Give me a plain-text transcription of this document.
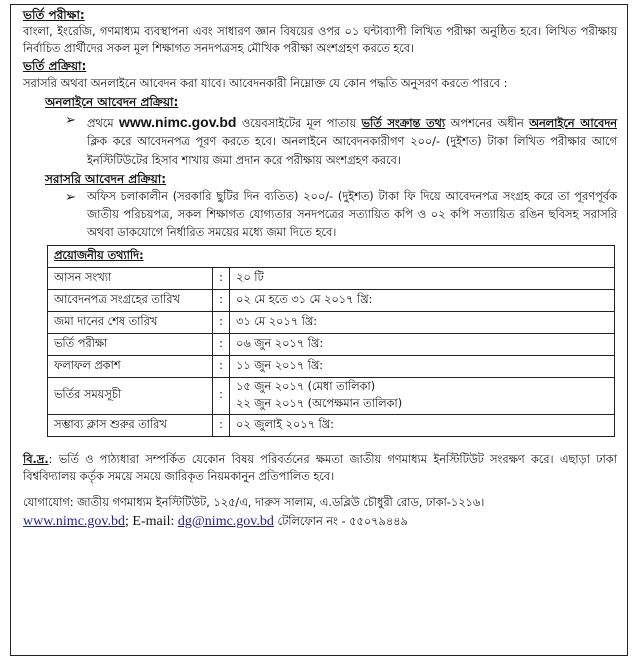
ভর্তি পরীক্ষা:
বাংলা, ইংরেজি, গণমাধ্যম ব্যবস্থাপনা এবং সাধারণ জ্ঞান বিষয়ের ওপর ০১ ঘন্টাব্যাপী লিখিত পরীক্ষা অনুষ্ঠিত হবে। লিখিত পরীক্ষায় নির্বাচিত প্রার্থীদের সকল মূল শিক্ষাগত সনদপত্রসহ মৌখিক পরীক্ষা অংশগ্রহণ করতে হবে।
ভর্তি প্রক্রিয়া:
সরাসরি অথবা অনলাইনে আবেদন করা যাবে। আবেদনকারী নিম্নোক্ত যে কোন পদ্ধতি অনুসরণ করতে পারবে :
অনলাইনে আবেদন প্রক্রিয়া:
➢ প্রথমে www.nimc.gov.bd ওয়েবসাইটের মূল পাতায় ভর্তি সংক্রান্ত তথ্য অপশনের অধীন অনলাইনে আবেদন ক্লিক করে আবেদনপত্র পূরণ করতে হবে। অনলাইনে আবেদনকারীগণ ২০০/- (দুইশত) টাকা লিখিত পরীক্ষার আগে ইনস্টিটিউটের হিসাব শাখায় জমা প্রদান করে পরীক্ষায় অংশগ্রহণ করবে।
সরাসরি আবেদন প্রক্রিয়া:
➢ অফিস চলাকালীন (সরকারি ছুটির দিন ব্যতিত) ২০০/- (দুইশত) টাকা ফি দিয়ে আবেদনপত্র সংগ্রহ করে তা পূরণপূর্বক জাতীয় পরিচয়পত্র, সকল শিক্ষাগত যোগ্যতার সনদপত্রের সত্যায়িত কপি ও ০২ কপি সত্যায়িত রঙিন ছবিসহ সরাসরি অথবা ডাকযোগে নির্ধারিত সময়ের মধ্যে জমা দিতে হবে।
প্রয়োজনীয় তথ্যাদি:		
আসন সংখ্যা	:	২০ টি
আবেদনপত্র সংগ্রহের তারিখ	:	০২ মে হতে ৩১ মে ২০১৭ খ্রি:
জমা দানের শেষ তারিখ	:	৩১ মে ২০১৭ খ্রি:
ভর্তি পরীক্ষা	:	০৬ জুন ২০১৭ খ্রি:
ফলাফল প্রকাশ	:	১১ জুন ২০১৭ খ্রি:
ভর্তির সময়সূচী	:	১৫ জুন ২০১৭ (মেধা তালিকা)
২২ জুন ২০১৭ (অপেক্ষমান তালিকা)

সম্ভাব্য ক্লাস শুরুর তারিখ	:	০২ জুলাই ২০১৭ খ্রি:
বি.দ্র.: ভর্তি ও পাঠ্যধারা সম্পর্কিত যেকোন বিষয় পরিবর্তনের ক্ষমতা জাতীয় গণমাধ্যম ইনস্টিটিউট সংরক্ষণ করে। এছাড়া ঢাকা বিশ্ববিদ্যালয় কর্তৃক সময়ে সময়ে জারিকৃত নিয়মকানুন প্রতিপালিত হবে।
যোগাযোগ: জাতীয় গণমাধ্যম ইনস্টিটিউট, ১২৫/এ, দারুস সালাম, এ.ডব্লিউ চৌধুরী রোড, ঢাকা-১২১৬।
www.nimc.gov.bd; E-mail: dg@nimc.gov.bd টেলিফোন নং - ৫৫০৭৯৪৪৯
